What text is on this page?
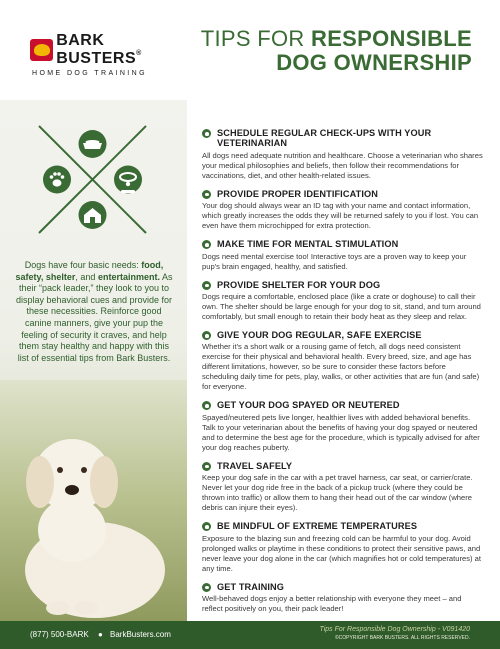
BARK BUSTERS®
HOME DOG TRAINING
TIPS FOR RESPONSIBLE
DOG OWNERSHIP
Dogs have four basic needs: food, safety, shelter, and entertainment. As their “pack leader,” they look to you to display behavioral cues and provide for these necessities. Reinforce good canine manners, give your pup the feeling of security it craves, and help them stay healthy and happy with this list of essential tips from Bark Busters.
SCHEDULE REGULAR CHECK-UPS WITH YOUR VETERINARIAN
All dogs need adequate nutrition and healthcare. Choose a veterinarian who shares your medical philosophies and beliefs, then follow their recommendations for vaccinations, diet, and other health-related issues.
PROVIDE PROPER IDENTIFICATION
Your dog should always wear an ID tag with your name and contact information, which greatly increases the odds they will be returned safely to you if lost. You can even have them microchipped for extra protection.
MAKE TIME FOR MENTAL STIMULATION
Dogs need mental exercise too! Interactive toys are a proven way to keep your pup's brain engaged, healthy, and satisfied.
PROVIDE SHELTER FOR YOUR DOG
Dogs require a comfortable, enclosed place (like a crate or doghouse) to call their own. The shelter should be large enough for your dog to sit, stand, and turn around comfortably, but small enough to retain their body heat as they sleep and relax.
GIVE YOUR DOG REGULAR, SAFE EXERCISE
Whether it's a short walk or a rousing game of fetch, all dogs need consistent exercise for their physical and behavioral health. Every breed, size, and age has different limitations, however, so be sure to consider these factors before scheduling daily time for pets, play, walks, or other activities that are fun (and safe) for everyone.
GET YOUR DOG SPAYED OR NEUTERED
Spayed/neutered pets live longer, healthier lives with added behavioral benefits. Talk to your veterinarian about the benefits of having your dog spayed or neutered and to determine the best age for the procedure, which is typically advised for after your dog reaches puberty.
TRAVEL SAFELY
Keep your dog safe in the car with a pet travel harness, car seat, or carrier/crate. Never let your dog ride free in the back of a pickup truck (where they could be thrown into traffic) or allow them to hang their head out of the car window (where debris can injure their eyes).
BE MINDFUL OF EXTREME TEMPERATURES
Exposure to the blazing sun and freezing cold can be harmful to your dog. Avoid prolonged walks or playtime in these conditions to protect their sensitive paws, and never leave your dog alone in the car (which magnifies hot or cold temperatures) at any time.
GET TRAINING
Well-behaved dogs enjoy a better relationship with everyone they meet – and reflect positively on you, their pack leader!
(877) 500-BARK ● BarkBusters.com
Tips For Responsible Dog Ownership - V091420
©COPYRIGHT BARK BUSTERS. ALL RIGHTS RESERVED.
